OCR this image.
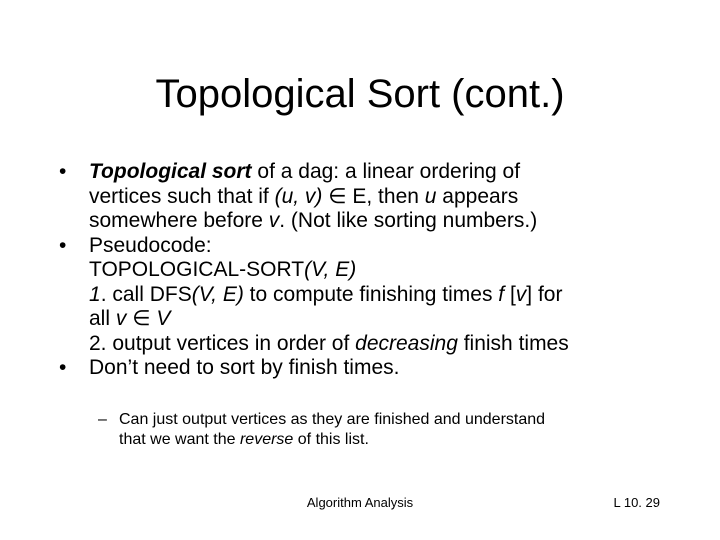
Topological Sort (cont.)
• Topological sort of a dag: a linear ordering of
vertices such that if (u, v) ∈ E, then u appears
somewhere before v. (Not like sorting numbers.)
• Pseudocode:
TOPOLOGICAL-SORT(V, E)
1. call DFS(V, E) to compute finishing times f [v] for
all v ∈ V
2. output vertices in order of decreasing finish times
• Don’t need to sort by finish times.
– Can just output vertices as they are finished and understand
that we want the reverse of this list.
Algorithm Analysis	L 10. 29
